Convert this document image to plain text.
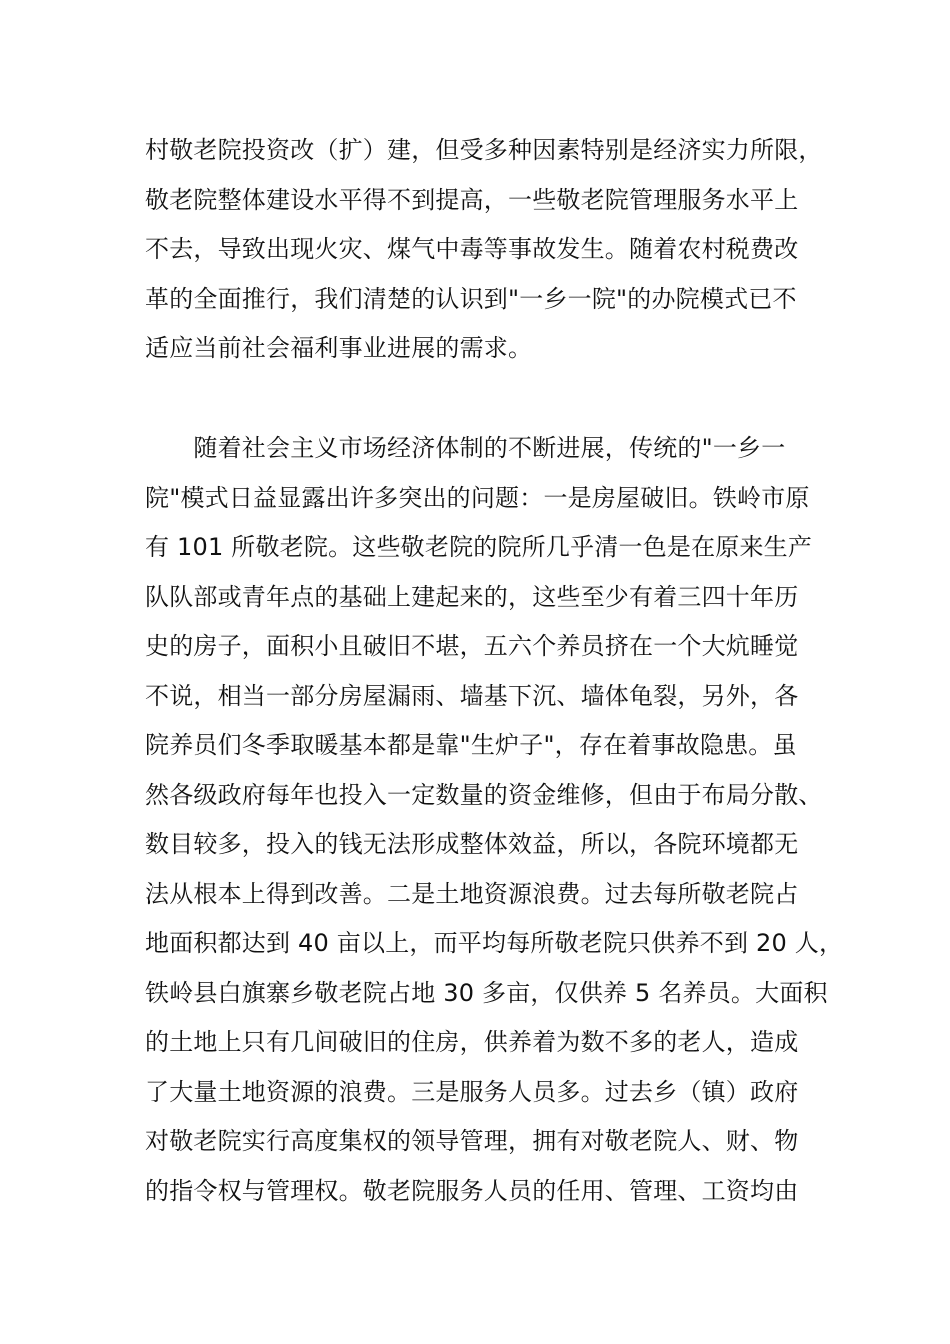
村敬老院投资改（扩）建，但受多种因素特别是经济实力所限，
敬老院整体建设水平得不到提高，一些敬老院管理服务水平上
不去，导致出现火灾、煤气中毒等事故发生。随着农村税费改
革的全面推行，我们清楚的认识到"一乡一院"的办院模式已不
适应当前社会福利事业进展的需求。
　　随着社会主义市场经济体制的不断进展，传统的"一乡一
院"模式日益显露出许多突出的问题：一是房屋破旧。铁岭市原
有 101 所敬老院。这些敬老院的院所几乎清一色是在原来生产
队队部或青年点的基础上建起来的，这些至少有着三四十年历
史的房子，面积小且破旧不堪，五六个养员挤在一个大炕睡觉
不说，相当一部分房屋漏雨、墙基下沉、墙体龟裂，另外，各
院养员们冬季取暖基本都是靠"生炉子"，存在着事故隐患。虽
然各级政府每年也投入一定数量的资金维修，但由于布局分散、
数目较多，投入的钱无法形成整体效益，所以，各院环境都无
法从根本上得到改善。二是土地资源浪费。过去每所敬老院占
地面积都达到 40 亩以上，而平均每所敬老院只供养不到 20 人，
铁岭县白旗寨乡敬老院占地 30 多亩，仅供养 5 名养员。大面积
的土地上只有几间破旧的住房，供养着为数不多的老人，造成
了大量土地资源的浪费。三是服务人员多。过去乡（镇）政府
对敬老院实行高度集权的领导管理，拥有对敬老院人、财、物
的指令权与管理权。敬老院服务人员的任用、管理、工资均由
